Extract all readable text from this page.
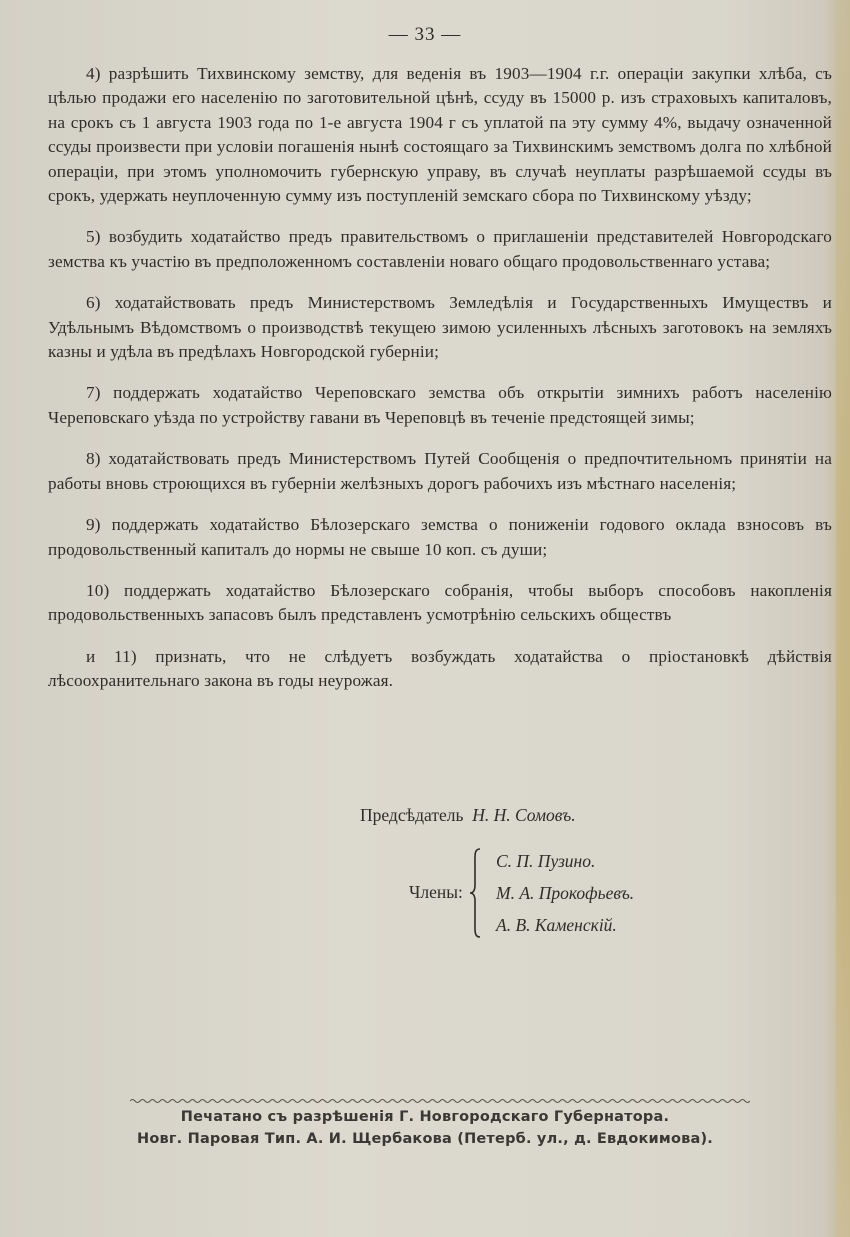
— 33 —

4) разрѣшить Тихвинскому земству, для веденія въ 1903—1904 г.г. операціи закупки хлѣба, съ цѣлью продажи его населенію по заготовительной цѣнѣ, ссуду въ 15000 р. изъ страховыхъ капиталовъ, на срокъ съ 1 августа 1903 года по 1-е августа 1904 г съ уплатой па эту сумму 4%, выдачу означенной ссуды произвести при условіи погашенія нынѣ состоящаго за Тихвинскимъ земствомъ долга по хлѣбной операціи, при этомъ уполномочить губернскую управу, въ случаѣ неуплаты разрѣшаемой ссуды въ срокъ, удержать неуплоченную сумму изъ поступленій земскаго сбора по Тихвинскому уѣзду;

5) возбудить ходатайство предъ правительствомъ о приглашеніи представителей Новгородскаго земства къ участію въ предположенномъ составленіи новаго общаго продовольственнаго устава;

6) ходатайствовать предъ Министерствомъ Земледѣлія и Государственныхъ Имуществъ и Удѣльнымъ Вѣдомствомъ о производствѣ текущею зимою усиленныхъ лѣсныхъ заготовокъ на земляхъ казны и удѣла въ предѣлахъ Новгородской губерніи;

7) поддержать ходатайство Череповскаго земства объ открытіи зимнихъ работъ населенію Череповскаго уѣзда по устройству гавани въ Череповцѣ въ теченіе предстоящей зимы;

8) ходатайствовать предъ Министерствомъ Путей Сообщенія о предпочтительномъ принятіи на работы вновь строющихся въ губерніи желѣзныхъ дорогъ рабочихъ изъ мѣстнаго населенія;

9) поддержать ходатайство Бѣлозерскаго земства о пониженіи годового оклада взносовъ въ продовольственный капиталъ до нормы не свыше 10 коп. съ души;

10) поддержать ходатайство Бѣлозерскаго собранія, чтобы выборъ способовъ накопленія продовольственныхъ запасовъ былъ представленъ усмотрѣнію сельскихъ обществъ

и 11) признать, что не слѣдуетъ возбуждать ходатайства о пріостановкѣ дѣйствія лѣсоохранительнаго закона въ годы неурожая.

Предсѣдатель Н. Н. Сомовъ.
Члены:
С. П. Пузино.
М. А. Прокофьевъ.
А. В. Каменскій.
Печатано съ разрѣшенія Г. Новгородскаго Губернатора.
Новг. Паровая Тип. А. И. Щербакова (Петерб. ул., д. Евдокимова).
